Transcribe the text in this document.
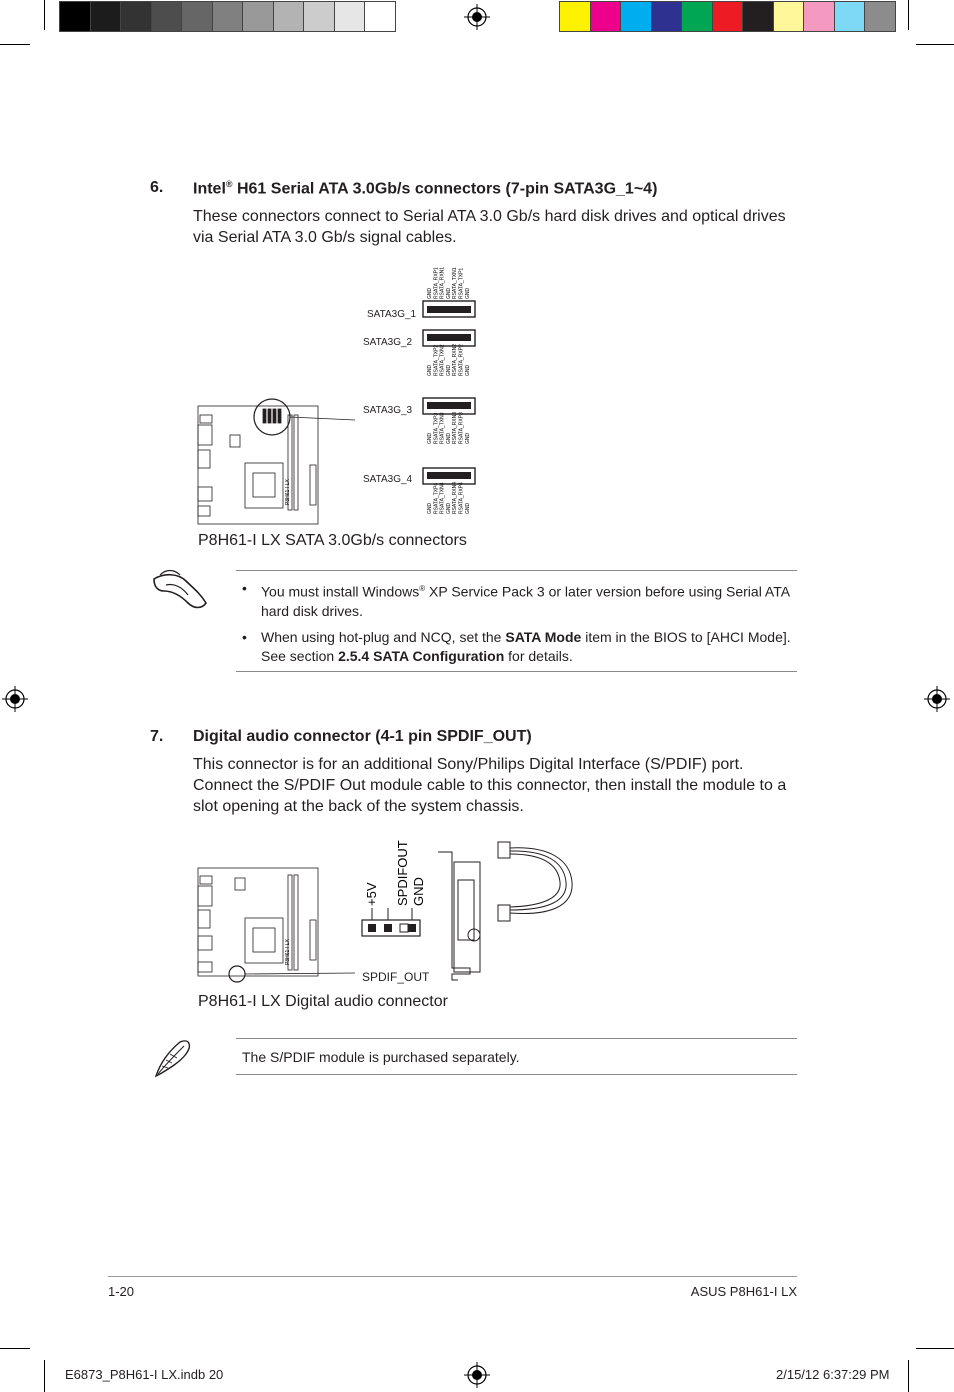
6. Intel® H61 Serial ATA 3.0Gb/s connectors (7-pin SATA3G_1~4)
These connectors connect to Serial ATA 3.0 Gb/s hard disk drives and optical drives via Serial ATA 3.0 Gb/s signal cables.
P8H61-I LX
GND RSATA_RXP1 RSATA_RXN1 GND RSATA_TXN1 RSATA_TXP1 GND
GND RSATA_TXP2 RSATA_TXN2 GND RSATA_RXN2 RSATA_RXP2 GND
GND RSATA_TXP3 RSATA_TXN3 GND RSATA_RXN3 RSATA_RXP3 GND
GND RSATA_TXP4 RSATA_TXN4 GND RSATA_RXN4 RSATA_RXP4 GND
SATA3G_1
SATA3G_2
SATA3G_3
SATA3G_4
P8H61-I LX SATA 3.0Gb/s connectors
•	You must install Windows® XP Service Pack 3 or later version before using Serial ATA hard disk drives.
•	When using hot-plug and NCQ, set the SATA Mode item in the BIOS to [AHCI Mode]. See section 2.5.4 SATA Configuration for details.
7. Digital audio connector (4-1 pin SPDIF_OUT)
This connector is for an additional Sony/Philips Digital Interface (S/PDIF) port. Connect the S/PDIF Out module cable to this connector, then install the module to a slot opening at the back of the system chassis.
P8H61-I LX
+5V SPDIFOUT GND
SPDIF_OUT
P8H61-I LX Digital audio connector
The S/PDIF module is purchased separately.
1-20	ASUS P8H61-I LX
E6873_P8H61-I LX.indb 20	2/15/12 6:37:29 PM
